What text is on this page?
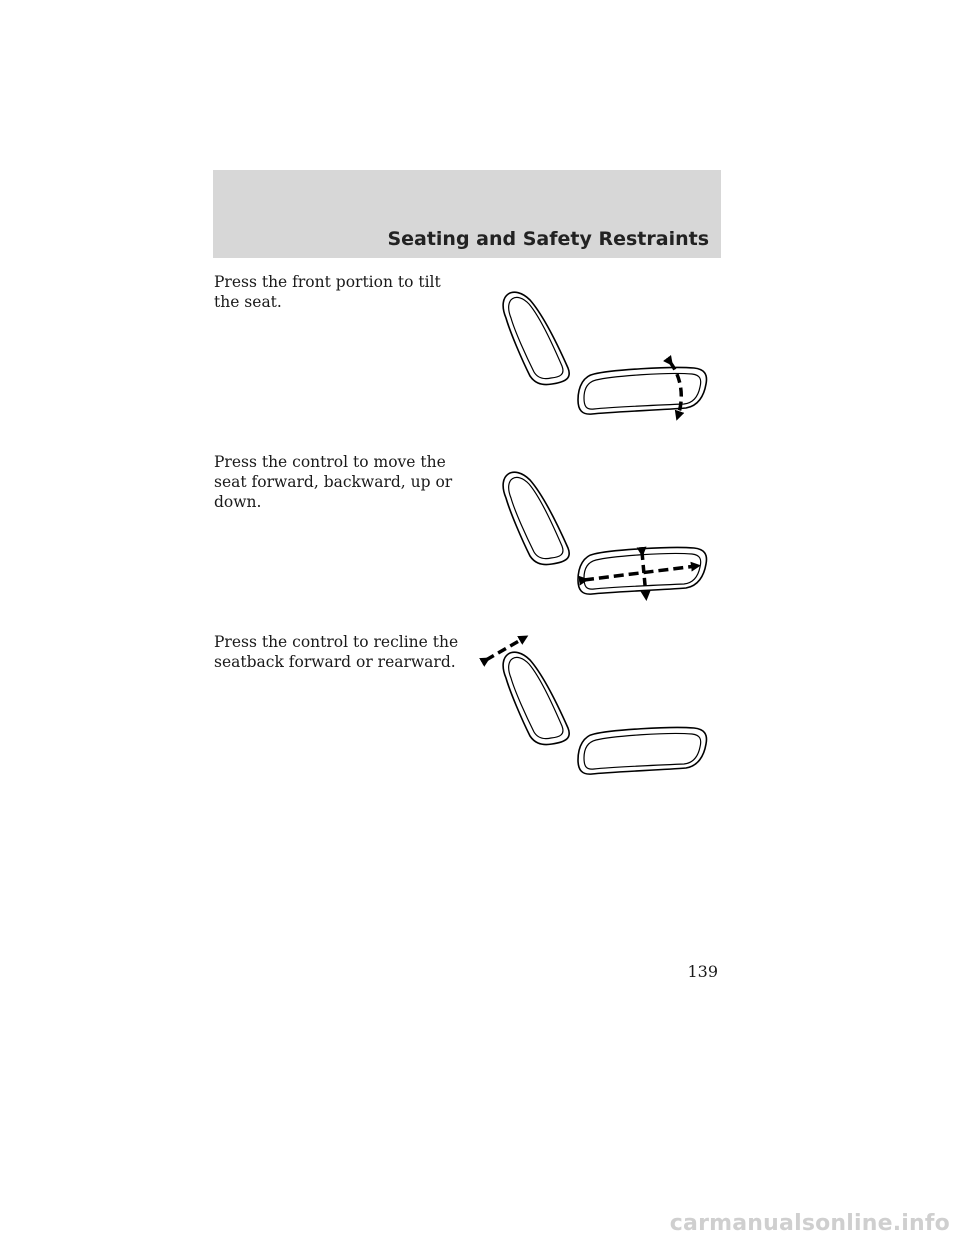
Seating and Safety Restraints

Press the front portion to tilt the seat.

Press the control to move the seat forward, backward, up or down.

Press the control to recline the seatback forward or rearward.

139

carmanualsonline.info
